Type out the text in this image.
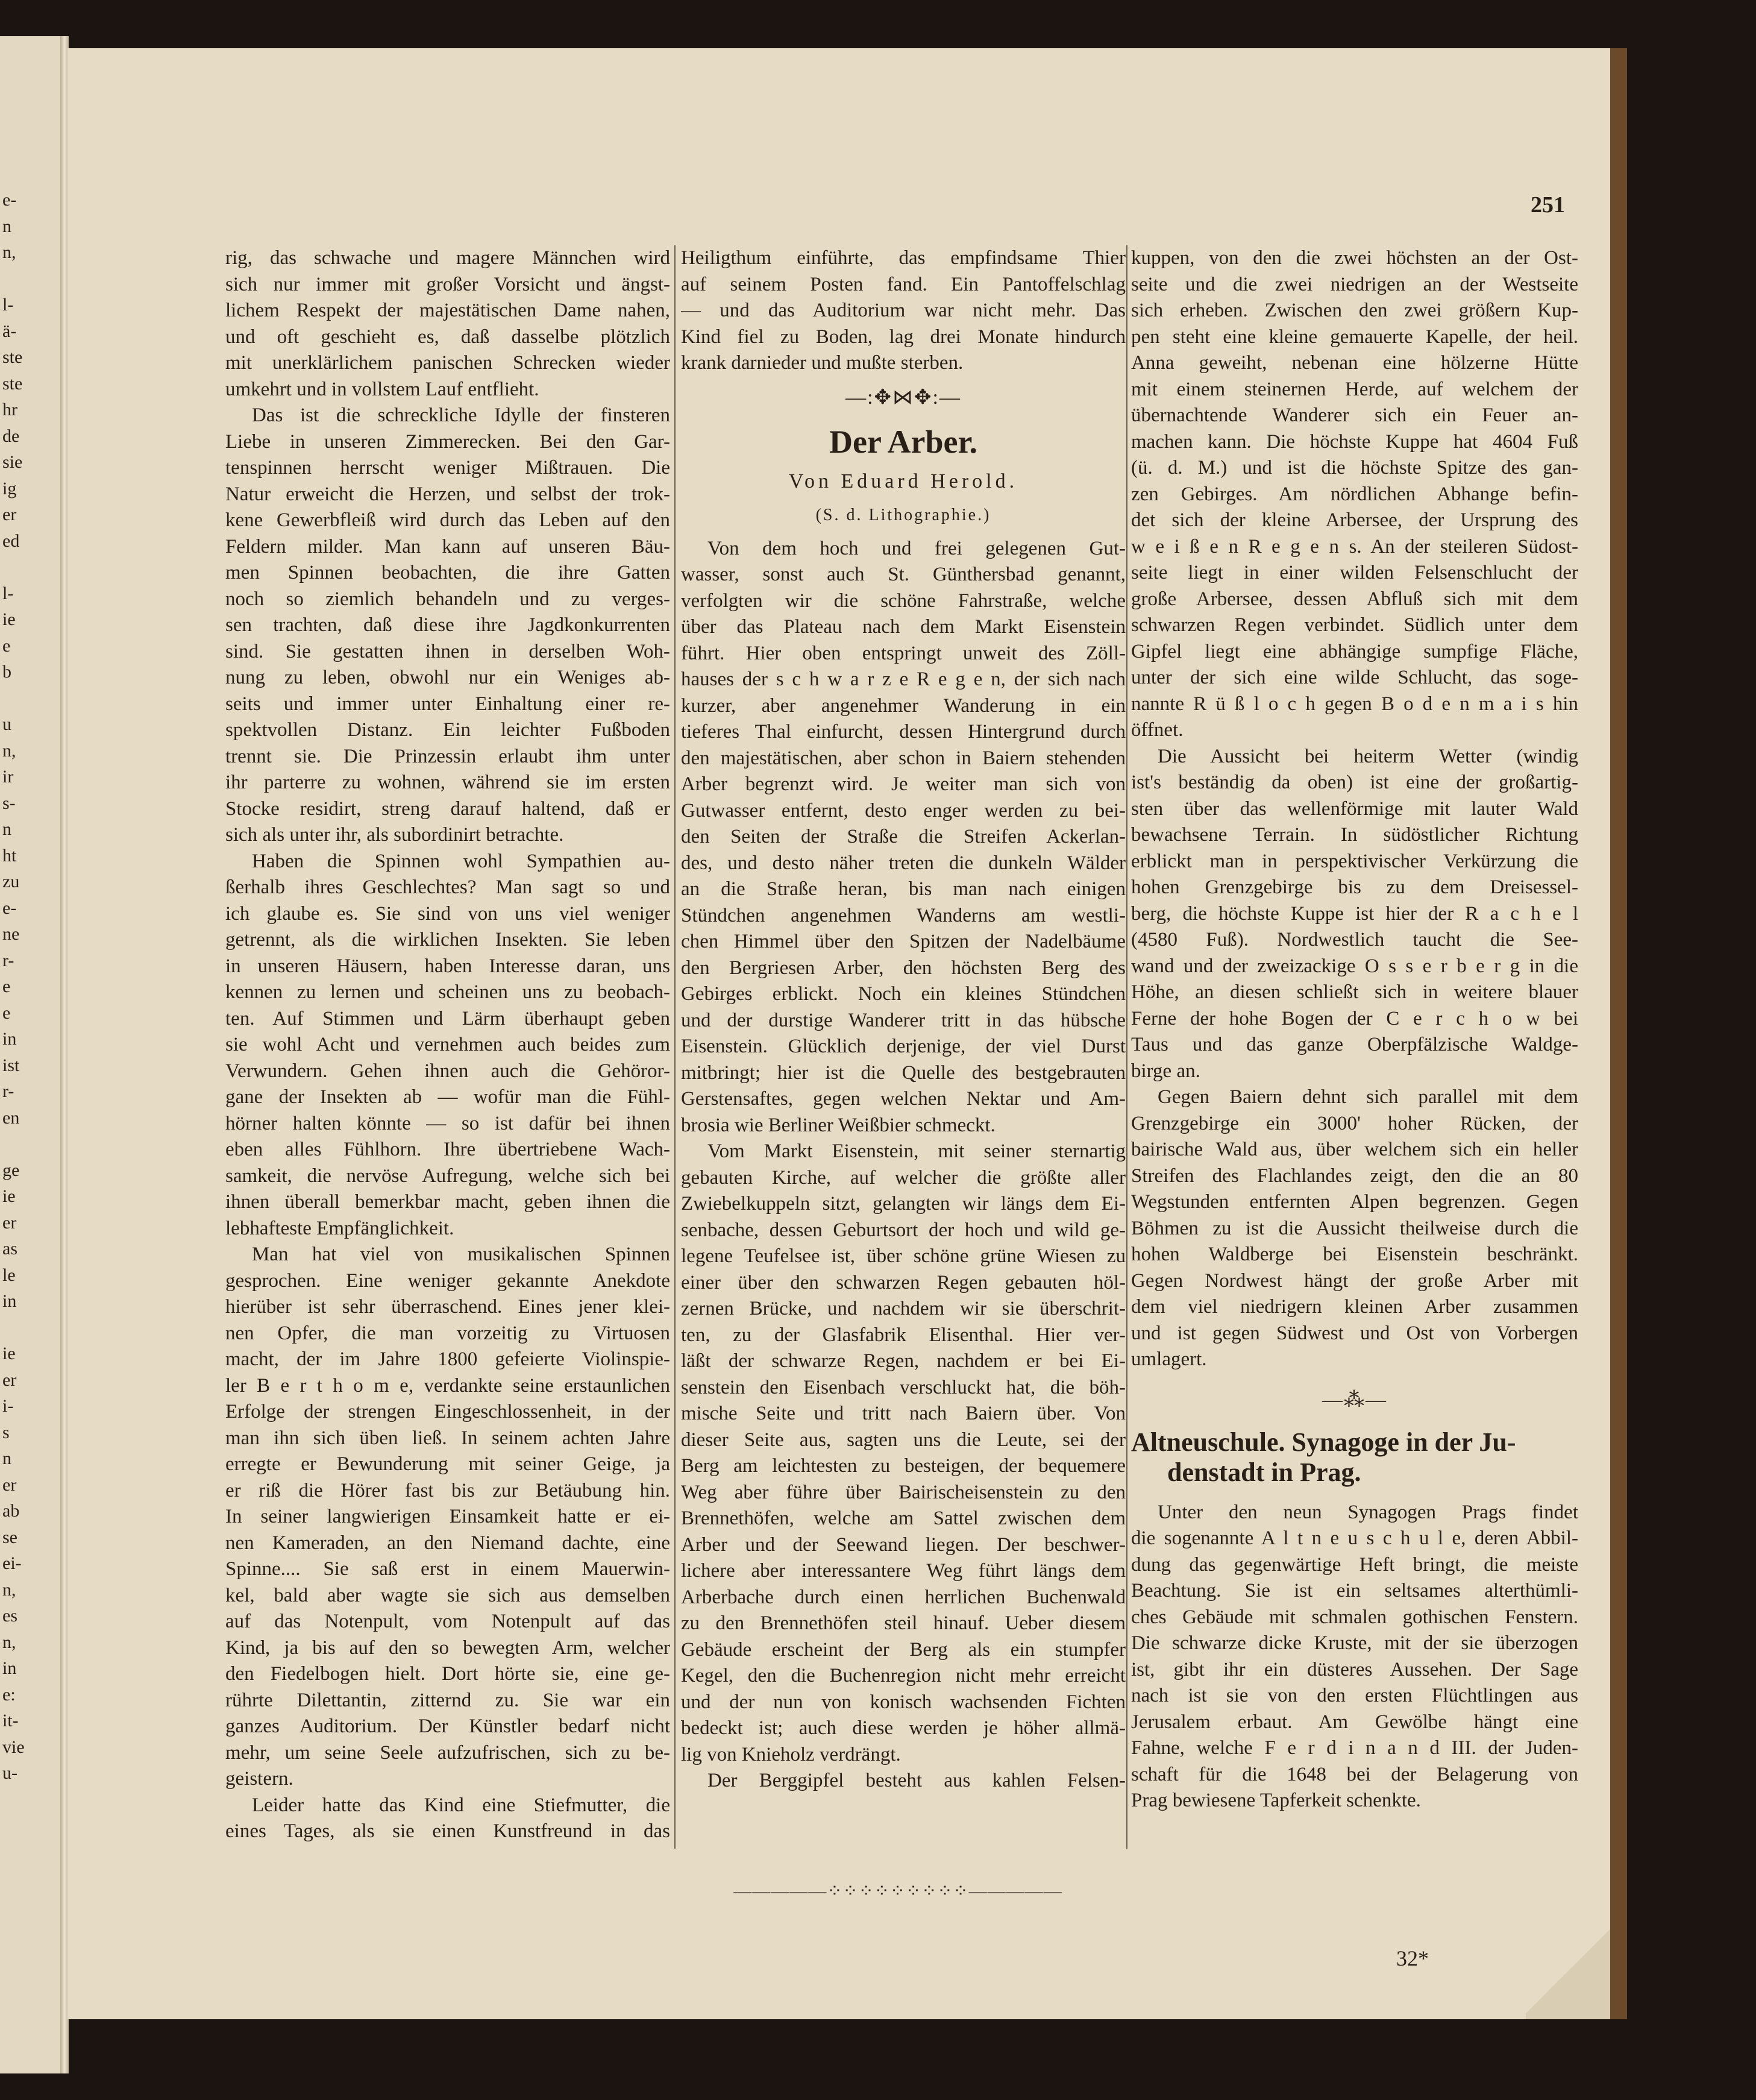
e-
n
n,
l-
ä-
ste
ste
hr
de
sie
ig
er
ed
l-
ie
e
b
u
n,
ir
s-
n
ht
zu
e-
ne
r-
e
e
in
ist
r-
en
ge
ie
er
as
le
in
ie
er
i-
s
n
er
ab
se
ei-
n,
es
n,
in
e:
it-
vie
u-
251
rig, das schwache und magere Männchen wird
sich nur immer mit großer Vorsicht und ängst-
lichem Respekt der majestätischen Dame nahen,
und oft geschieht es, daß dasselbe plötzlich
mit unerklärlichem panischen Schrecken wieder
umkehrt und in vollstem Lauf entflieht.
Das ist die schreckliche Idylle der finsteren
Liebe in unseren Zimmerecken. Bei den Gar-
tenspinnen herrscht weniger Mißtrauen. Die
Natur erweicht die Herzen, und selbst der trok-
kene Gewerbfleiß wird durch das Leben auf den
Feldern milder. Man kann auf unseren Bäu-
men Spinnen beobachten, die ihre Gatten
noch so ziemlich behandeln und zu verges-
sen trachten, daß diese ihre Jagdkonkurrenten
sind. Sie gestatten ihnen in derselben Woh-
nung zu leben, obwohl nur ein Weniges ab-
seits und immer unter Einhaltung einer re-
spektvollen Distanz. Ein leichter Fußboden
trennt sie. Die Prinzessin erlaubt ihm unter
ihr parterre zu wohnen, während sie im ersten
Stocke residirt, streng darauf haltend, daß er
sich als unter ihr, als subordinirt betrachte.
Haben die Spinnen wohl Sympathien au-
ßerhalb ihres Geschlechtes? Man sagt so und
ich glaube es. Sie sind von uns viel weniger
getrennt, als die wirklichen Insekten. Sie leben
in unseren Häusern, haben Interesse daran, uns
kennen zu lernen und scheinen uns zu beobach-
ten. Auf Stimmen und Lärm überhaupt geben
sie wohl Acht und vernehmen auch beides zum
Verwundern. Gehen ihnen auch die Gehöror-
gane der Insekten ab — wofür man die Fühl-
hörner halten könnte — so ist dafür bei ihnen
eben alles Fühlhorn. Ihre übertriebene Wach-
samkeit, die nervöse Aufregung, welche sich bei
ihnen überall bemerkbar macht, geben ihnen die
lebhafteste Empfänglichkeit.
Man hat viel von musikalischen Spinnen
gesprochen. Eine weniger gekannte Anekdote
hierüber ist sehr überraschend. Eines jener klei-
nen Opfer, die man vorzeitig zu Virtuosen
macht, der im Jahre 1800 gefeierte Violinspie-
ler B e r t h o m e, verdankte seine erstaunlichen
Erfolge der strengen Eingeschlossenheit, in der
man ihn sich üben ließ. In seinem achten Jahre
erregte er Bewunderung mit seiner Geige, ja
er riß die Hörer fast bis zur Betäubung hin.
In seiner langwierigen Einsamkeit hatte er ei-
nen Kameraden, an den Niemand dachte, eine
Spinne.... Sie saß erst in einem Mauerwin-
kel, bald aber wagte sie sich aus demselben
auf das Notenpult, vom Notenpult auf das
Kind, ja bis auf den so bewegten Arm, welcher
den Fiedelbogen hielt. Dort hörte sie, eine ge-
rührte Dilettantin, zitternd zu. Sie war ein
ganzes Auditorium. Der Künstler bedarf nicht
mehr, um seine Seele aufzufrischen, sich zu be-
geistern.
Leider hatte das Kind eine Stiefmutter, die
eines Tages, als sie einen Kunstfreund in das
Heiligthum einführte, das empfindsame Thier
auf seinem Posten fand. Ein Pantoffelschlag
— und das Auditorium war nicht mehr. Das
Kind fiel zu Boden, lag drei Monate hindurch
krank darnieder und mußte sterben.
—:✥⋈✥:—
Der Arber.
Von Eduard Herold.
(S. d. Lithographie.)
Von dem hoch und frei gelegenen Gut-
wasser, sonst auch St. Günthersbad genannt,
verfolgten wir die schöne Fahrstraße, welche
über das Plateau nach dem Markt Eisenstein
führt. Hier oben entspringt unweit des Zöll-
hauses der s c h w a r z e R e g e n, der sich nach
kurzer, aber angenehmer Wanderung in ein
tieferes Thal einfurcht, dessen Hintergrund durch
den majestätischen, aber schon in Baiern stehenden
Arber begrenzt wird. Je weiter man sich von
Gutwasser entfernt, desto enger werden zu bei-
den Seiten der Straße die Streifen Ackerlan-
des, und desto näher treten die dunkeln Wälder
an die Straße heran, bis man nach einigen
Stündchen angenehmen Wanderns am westli-
chen Himmel über den Spitzen der Nadelbäume
den Bergriesen Arber, den höchsten Berg des
Gebirges erblickt. Noch ein kleines Stündchen
und der durstige Wanderer tritt in das hübsche
Eisenstein. Glücklich derjenige, der viel Durst
mitbringt; hier ist die Quelle des bestgebrauten
Gerstensaftes, gegen welchen Nektar und Am-
brosia wie Berliner Weißbier schmeckt.
Vom Markt Eisenstein, mit seiner sternartig
gebauten Kirche, auf welcher die größte aller
Zwiebelkuppeln sitzt, gelangten wir längs dem Ei-
senbache, dessen Geburtsort der hoch und wild ge-
legene Teufelsee ist, über schöne grüne Wiesen zu
einer über den schwarzen Regen gebauten höl-
zernen Brücke, und nachdem wir sie überschrit-
ten, zu der Glasfabrik Elisenthal. Hier ver-
läßt der schwarze Regen, nachdem er bei Ei-
senstein den Eisenbach verschluckt hat, die böh-
mische Seite und tritt nach Baiern über. Von
dieser Seite aus, sagten uns die Leute, sei der
Berg am leichtesten zu besteigen, der bequemere
Weg aber führe über Bairischeisenstein zu den
Brennethöfen, welche am Sattel zwischen dem
Arber und der Seewand liegen. Der beschwer-
lichere aber interessantere Weg führt längs dem
Arberbache durch einen herrlichen Buchenwald
zu den Brennethöfen steil hinauf. Ueber diesem
Gebäude erscheint der Berg als ein stumpfer
Kegel, den die Buchenregion nicht mehr erreicht
und der nun von konisch wachsenden Fichten
bedeckt ist; auch diese werden je höher allmä-
lig von Knieholz verdrängt.
Der Berggipfel besteht aus kahlen Felsen-
kuppen, von den die zwei höchsten an der Ost-
seite und die zwei niedrigen an der Westseite
sich erheben. Zwischen den zwei größern Kup-
pen steht eine kleine gemauerte Kapelle, der heil.
Anna geweiht, nebenan eine hölzerne Hütte
mit einem steinernen Herde, auf welchem der
übernachtende Wanderer sich ein Feuer an-
machen kann. Die höchste Kuppe hat 4604 Fuß
(ü. d. M.) und ist die höchste Spitze des gan-
zen Gebirges. Am nördlichen Abhange befin-
det sich der kleine Arbersee, der Ursprung des
w e i ß e n R e g e n s. An der steileren Südost-
seite liegt in einer wilden Felsenschlucht der
große Arbersee, dessen Abfluß sich mit dem
schwarzen Regen verbindet. Südlich unter dem
Gipfel liegt eine abhängige sumpfige Fläche,
unter der sich eine wilde Schlucht, das soge-
nannte R ü ß l o c h gegen B o d e n m a i s hin
öffnet.
Die Aussicht bei heiterm Wetter (windig
ist's beständig da oben) ist eine der großartig-
sten über das wellenförmige mit lauter Wald
bewachsene Terrain. In südöstlicher Richtung
erblickt man in perspektivischer Verkürzung die
hohen Grenzgebirge bis zu dem Dreisessel-
berg, die höchste Kuppe ist hier der R a c h e l
(4580 Fuß). Nordwestlich taucht die See-
wand und der zweizackige O s s e r b e r g in die
Höhe, an diesen schließt sich in weitere blauer
Ferne der hohe Bogen der C e r c h o w bei
Taus und das ganze Oberpfälzische Waldge-
birge an.
Gegen Baiern dehnt sich parallel mit dem
Grenzgebirge ein 3000' hoher Rücken, der
bairische Wald aus, über welchem sich ein heller
Streifen des Flachlandes zeigt, den die an 80
Wegstunden entfernten Alpen begrenzen. Gegen
Böhmen zu ist die Aussicht theilweise durch die
hohen Waldberge bei Eisenstein beschränkt.
Gegen Nordwest hängt der große Arber mit
dem viel niedrigern kleinen Arber zusammen
und ist gegen Südwest und Ost von Vorbergen
umlagert.
—⁂—
Altneuschule. Synagoge in der Ju-
denstadt in Prag.
Unter den neun Synagogen Prags findet
die sogenannte A l t n e u s c h u l e, deren Abbil-
dung das gegenwärtige Heft bringt, die meiste
Beachtung. Sie ist ein seltsames alterthümli-
ches Gebäude mit schmalen gothischen Fenstern.
Die schwarze dicke Kruste, mit der sie überzogen
ist, gibt ihr ein düsteres Aussehen. Der Sage
nach ist sie von den ersten Flüchtlingen aus
Jerusalem erbaut. Am Gewölbe hängt eine
Fahne, welche F e r d i n a n d III. der Juden-
schaft für die 1648 bei der Belagerung von
Prag bewiesene Tapferkeit schenkte.
―――――⁘⁘⁘⁘⁘⁘⁘⁘⁘―――――
32*
